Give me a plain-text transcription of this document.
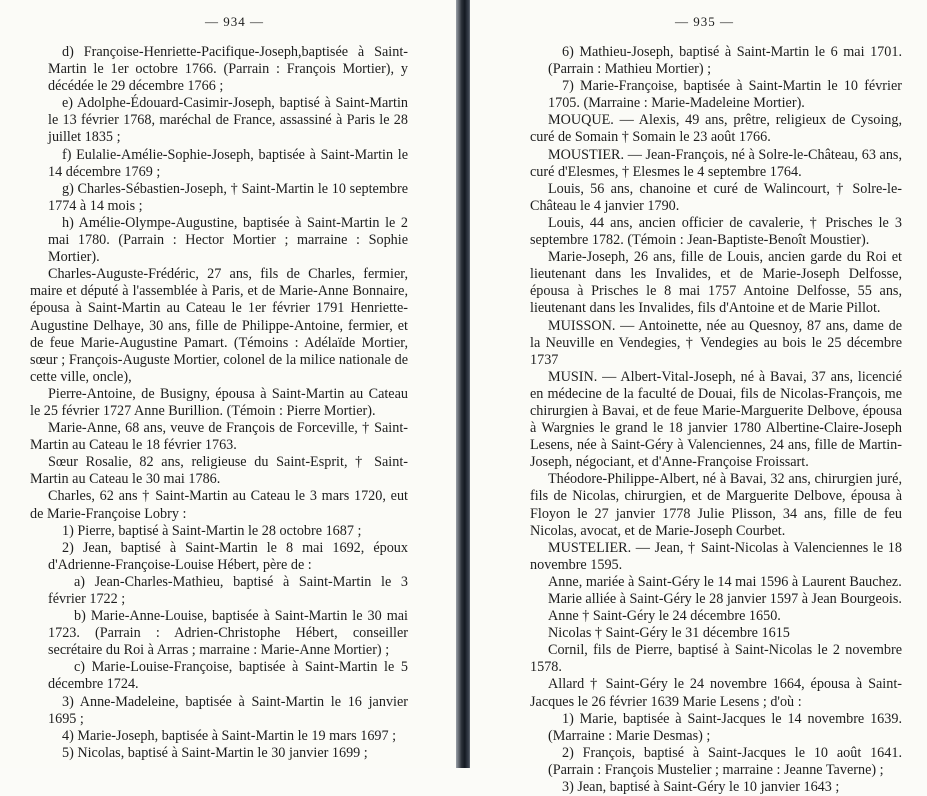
— 934 —

d) Françoise-Henriette-Pacifique-Joseph,baptisée à Saint-Martin le 1er octobre 1766. (Parrain : François Mortier), y décédée le 29 décembre 1766 ;

e) Adolphe-Édouard-Casimir-Joseph, baptisé à Saint-Martin le 13 février 1768, maréchal de France, assassiné à Paris le 28 juillet 1835 ;

f) Eulalie-Amélie-Sophie-Joseph, baptisée à Saint-Martin le 14 décembre 1769 ;

g) Charles-Sébastien-Joseph, † Saint-Martin le 10 septembre 1774 à 14 mois ;

h) Amélie-Olympe-Augustine, baptisée à Saint-Martin le 2 mai 1780. (Parrain : Hector Mortier ; marraine : Sophie Mortier).

Charles-Auguste-Frédéric, 27 ans, fils de Charles, fermier, maire et député à l'assemblée à Paris, et de Marie-Anne Bonnaire, épousa à Saint-Martin au Cateau le 1er février 1791 Henriette-Augustine Delhaye, 30 ans, fille de Philippe-Antoine, fermier, et de feue Marie-Augustine Pamart. (Témoins : Adélaïde Mortier, sœur ; François-Auguste Mortier, colonel de la milice nationale de cette ville, oncle),

Pierre-Antoine, de Busigny, épousa à Saint-Martin au Cateau le 25 février 1727 Anne Burillion. (Témoin : Pierre Mortier).

Marie-Anne, 68 ans, veuve de François de Forceville, † Saint-Martin au Cateau le 18 février 1763.

Sœur Rosalie, 82 ans, religieuse du Saint-Esprit, † Saint-Martin au Cateau le 30 mai 1786.

Charles, 62 ans † Saint-Martin au Cateau le 3 mars 1720, eut de Marie-Françoise Lobry :

1) Pierre, baptisé à Saint-Martin le 28 octobre 1687 ;

2) Jean, baptisé à Saint-Martin le 8 mai 1692, époux d'Adrienne-Françoise-Louise Hébert, père de :

a) Jean-Charles-Mathieu, baptisé à Saint-Martin le 3 février 1722 ;

b) Marie-Anne-Louise, baptisée à Saint-Martin le 30 mai 1723. (Parrain : Adrien-Christophe Hébert, conseiller secrétaire du Roi à Arras ; marraine : Marie-Anne Mortier) ;

c) Marie-Louise-Françoise, baptisée à Saint-Martin le 5 décembre 1724.

3) Anne-Madeleine, baptisée à Saint-Martin le 16 janvier 1695 ;

4) Marie-Joseph, baptisée à Saint-Martin le 19 mars 1697 ;

5) Nicolas, baptisé à Saint-Martin le 30 janvier 1699 ;

— 935 —

6) Mathieu-Joseph, baptisé à Saint-Martin le 6 mai 1701. (Parrain : Mathieu Mortier) ;

7) Marie-Françoise, baptisée à Saint-Martin le 10 février 1705. (Marraine : Marie-Madeleine Mortier).

MOUQUE. — Alexis, 49 ans, prêtre, religieux de Cysoing, curé de Somain † Somain le 23 août 1766.

MOUSTIER. — Jean-François, né à Solre-le-Château, 63 ans, curé d'Elesmes, † Elesmes le 4 septembre 1764.

Louis, 56 ans, chanoine et curé de Walincourt, † Solre-le-Château le 4 janvier 1790.

Louis, 44 ans, ancien officier de cavalerie, † Prisches le 3 septembre 1782. (Témoin : Jean-Baptiste-Benoît Moustier).

Marie-Joseph, 26 ans, fille de Louis, ancien garde du Roi et lieutenant dans les Invalides, et de Marie-Joseph Delfosse, épousa à Prisches le 8 mai 1757 Antoine Delfosse, 55 ans, lieutenant dans les Invalides, fils d'Antoine et de Marie Pillot.

MUISSON. — Antoinette, née au Quesnoy, 87 ans, dame de la Neuville en Vendegies, † Vendegies au bois le 25 décembre 1737

MUSIN. — Albert-Vital-Joseph, né à Bavai, 37 ans, licencié en médecine de la faculté de Douai, fils de Nicolas-François, me chirurgien à Bavai, et de feue Marie-Marguerite Delbove, épousa à Wargnies le grand le 18 janvier 1780 Albertine-Claire-Joseph Lesens, née à Saint-Géry à Valenciennes, 24 ans, fille de Martin-Joseph, négociant, et d'Anne-Françoise Froissart.

Théodore-Philippe-Albert, né à Bavai, 32 ans, chirurgien juré, fils de Nicolas, chirurgien, et de Marguerite Delbove, épousa à Floyon le 27 janvier 1778 Julie Plisson, 34 ans, fille de feu Nicolas, avocat, et de Marie-Joseph Courbet.

MUSTELIER. — Jean, † Saint-Nicolas à Valenciennes le 18 novembre 1595.

Anne, mariée à Saint-Géry le 14 mai 1596 à Laurent Bauchez.

Marie alliée à Saint-Géry le 28 janvier 1597 à Jean Bourgeois.

Anne † Saint-Géry le 24 décembre 1650.

Nicolas † Saint-Géry le 31 décembre 1615

Cornil, fils de Pierre, baptisé à Saint-Nicolas le 2 novembre 1578.

Allard † Saint-Géry le 24 novembre 1664, épousa à Saint-Jacques le 26 février 1639 Marie Lesens ; d'où :

1) Marie, baptisée à Saint-Jacques le 14 novembre 1639. (Marraine : Marie Desmas) ;

2) François, baptisé à Saint-Jacques le 10 août 1641. (Parrain : François Mustelier ; marraine : Jeanne Taverne) ;

3) Jean, baptisé à Saint-Géry le 10 janvier 1643 ;
